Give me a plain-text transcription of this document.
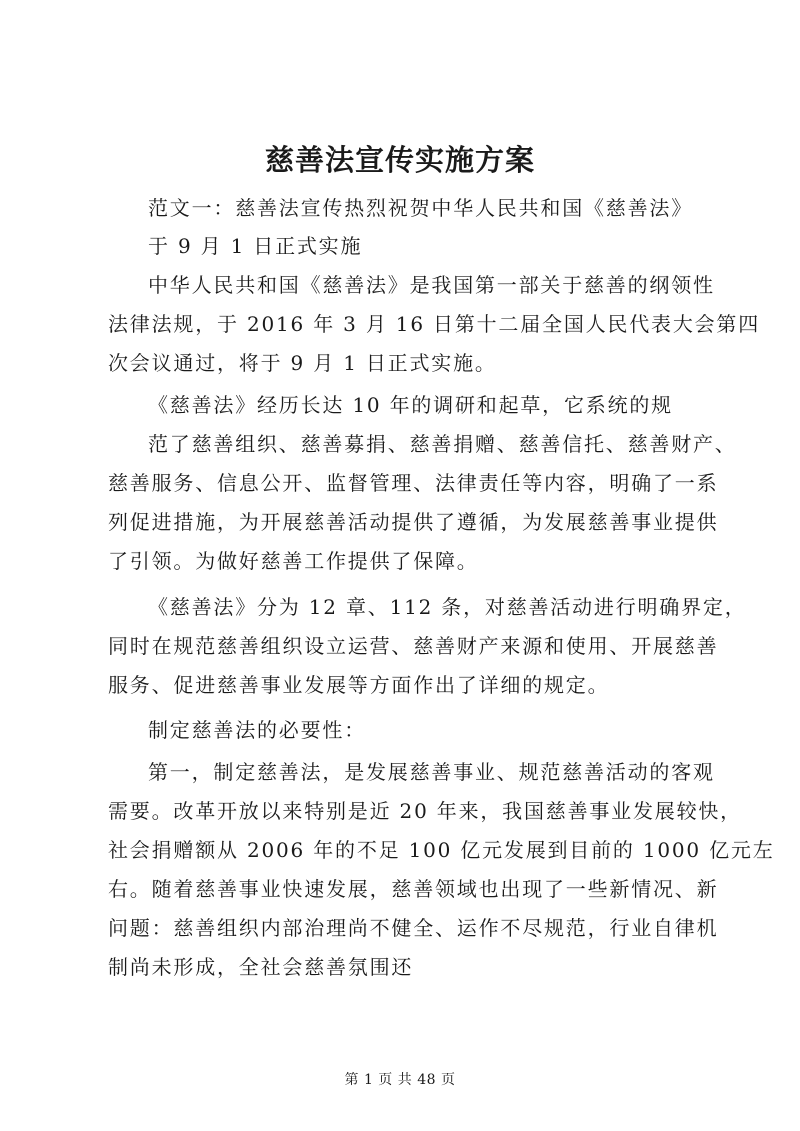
慈善法宣传实施方案
范文一：慈善法宣传热烈祝贺中华人民共和国《慈善法》
于 9 月 1 日正式实施
中华人民共和国《慈善法》是我国第一部关于慈善的纲领性
法律法规，于 2016 年 3 月 16 日第十二届全国人民代表大会第四
次会议通过，将于 9 月 1 日正式实施。
《慈善法》经历长达 10 年的调研和起草，它系统的规
范了慈善组织、慈善募捐、慈善捐赠、慈善信托、慈善财产、
慈善服务、信息公开、监督管理、法律责任等内容，明确了一系
列促进措施，为开展慈善活动提供了遵循，为发展慈善事业提供
了引领。为做好慈善工作提供了保障。
《慈善法》分为 12 章、112 条，对慈善活动进行明确界定，
同时在规范慈善组织设立运营、慈善财产来源和使用、开展慈善
服务、促进慈善事业发展等方面作出了详细的规定。
制定慈善法的必要性：
第一，制定慈善法，是发展慈善事业、规范慈善活动的客观
需要。改革开放以来特别是近 20 年来，我国慈善事业发展较快，
社会捐赠额从 2006 年的不足 100 亿元发展到目前的 1000 亿元左
右。随着慈善事业快速发展，慈善领域也出现了一些新情况、新
问题：慈善组织内部治理尚不健全、运作不尽规范，行业自律机
制尚未形成，全社会慈善氛围还
第 1 页 共 48 页
